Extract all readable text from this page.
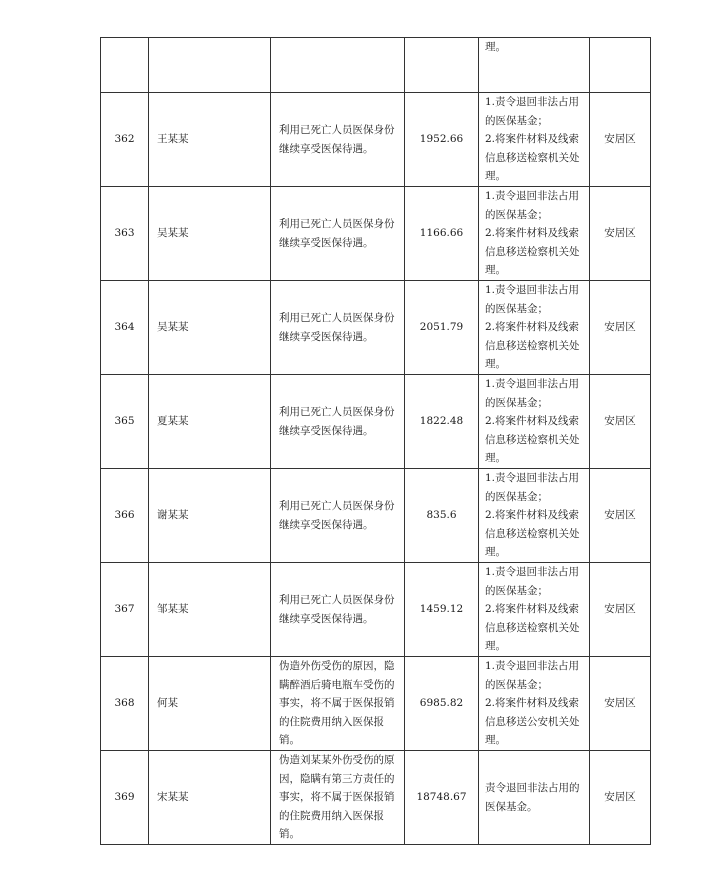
				理。	

362	王某某	利用已死亡人员医保身份
继续享受医保待遇。	1952.66	1.责令退回非法占用
的医保基金；
2.将案件材料及线索
信息移送检察机关处
理。	安居区
363	吴某某	利用已死亡人员医保身份
继续享受医保待遇。	1166.66	1.责令退回非法占用
的医保基金；
2.将案件材料及线索
信息移送检察机关处
理。	安居区
364	吴某某	利用已死亡人员医保身份
继续享受医保待遇。	2051.79	1.责令退回非法占用
的医保基金；
2.将案件材料及线索
信息移送检察机关处
理。	安居区
365	夏某某	利用已死亡人员医保身份
继续享受医保待遇。	1822.48	1.责令退回非法占用
的医保基金；
2.将案件材料及线索
信息移送检察机关处
理。	安居区
366	谢某某	利用已死亡人员医保身份
继续享受医保待遇。	835.6	1.责令退回非法占用
的医保基金；
2.将案件材料及线索
信息移送检察机关处
理。	安居区
367	邹某某	利用已死亡人员医保身份
继续享受医保待遇。	1459.12	1.责令退回非法占用
的医保基金；
2.将案件材料及线索
信息移送检察机关处
理。	安居区
368	何某	伪造外伤受伤的原因，隐
瞒醉酒后骑电瓶车受伤的
事实，将不属于医保报销
的住院费用纳入医保报
销。	6985.82	1.责令退回非法占用
的医保基金；
2.将案件材料及线索
信息移送公安机关处
理。	安居区
369	宋某某	伪造刘某某外伤受伤的原
因，隐瞒有第三方责任的
事实，将不属于医保报销
的住院费用纳入医保报
销。	18748.67	责令退回非法占用的
医保基金。	安居区
